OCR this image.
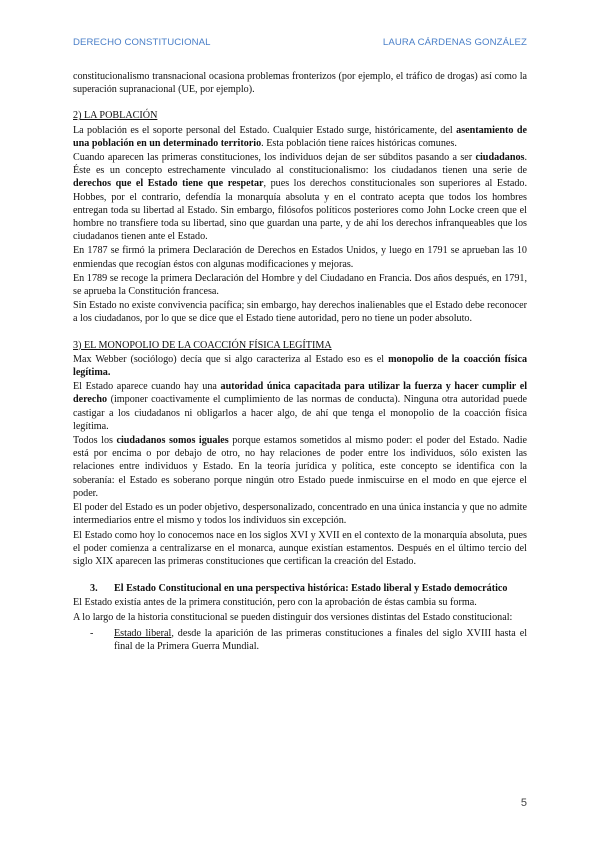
DERECHO CONSTITUCIONAL	LAURA CÁRDENAS GONZÁLEZ

constitucionalismo transnacional ocasiona problemas fronterizos (por ejemplo, el tráfico de drogas) así como la superación supranacional (UE, por ejemplo).

2) LA POBLACIÓN

La población es el soporte personal del Estado. Cualquier Estado surge, históricamente, del asentamiento de una población en un determinado territorio. Esta población tiene raíces históricas comunes.

Cuando aparecen las primeras constituciones, los individuos dejan de ser súbditos pasando a ser ciudadanos. Éste es un concepto estrechamente vinculado al constitucionalismo: los ciudadanos tienen una serie de derechos que el Estado tiene que respetar, pues los derechos constitucionales son superiores al Estado. Hobbes, por el contrario, defendía la monarquía absoluta y en el contrato acepta que todos los hombres entregan toda su libertad al Estado. Sin embargo, filósofos políticos posteriores como John Locke creen que el hombre no transfiere toda su libertad, sino que guardan una parte, y de ahí los derechos infranqueables que los ciudadanos tienen ante el Estado.

En 1787 se firmó la primera Declaración de Derechos en Estados Unidos, y luego en 1791 se aprueban las 10 enmiendas que recogían éstos con algunas modificaciones y mejoras.

En 1789 se recoge la primera Declaración del Hombre y del Ciudadano en Francia. Dos años después, en 1791, se aprueba la Constitución francesa.

Sin Estado no existe convivencia pacífica; sin embargo, hay derechos inalienables que el Estado debe reconocer a los ciudadanos, por lo que se dice que el Estado tiene autoridad, pero no tiene un poder absoluto.

3) EL MONOPOLIO DE LA COACCIÓN FÍSICA LEGÍTIMA

Max Webber (sociólogo) decía que si algo caracteriza al Estado eso es el monopolio de la coacción física legítima.

El Estado aparece cuando hay una autoridad única capacitada para utilizar la fuerza y hacer cumplir el derecho (imponer coactivamente el cumplimiento de las normas de conducta). Ninguna otra autoridad puede castigar a los ciudadanos ni obligarlos a hacer algo, de ahí que tenga el monopolio de la coacción física legítima.

Todos los ciudadanos somos iguales porque estamos sometidos al mismo poder: el poder del Estado. Nadie está por encima o por debajo de otro, no hay relaciones de poder entre los individuos, sólo existen las relaciones entre individuos y Estado. En la teoría jurídica y política, este concepto se identifica con la soberanía: el Estado es soberano porque ningún otro Estado puede inmiscuirse en el modo en que ejerce el poder.

El poder del Estado es un poder objetivo, despersonalizado, concentrado en una única instancia y que no admite intermediarios entre el mismo y todos los individuos sin excepción.

El Estado como hoy lo conocemos nace en los siglos XVI y XVII en el contexto de la monarquía absoluta, pues el poder comienza a centralizarse en el monarca, aunque existían estamentos. Después en el último tercio del siglo XIX aparecen las primeras constituciones que certifican la creación del Estado.

3.	El Estado Constitucional en una perspectiva histórica: Estado liberal y Estado democrático

El Estado existía antes de la primera constitución, pero con la aprobación de éstas cambia su forma.

A lo largo de la historia constitucional se pueden distinguir dos versiones distintas del Estado constitucional:

-	Estado liberal, desde la aparición de las primeras constituciones a finales del siglo XVIII hasta el final de la Primera Guerra Mundial.

5
